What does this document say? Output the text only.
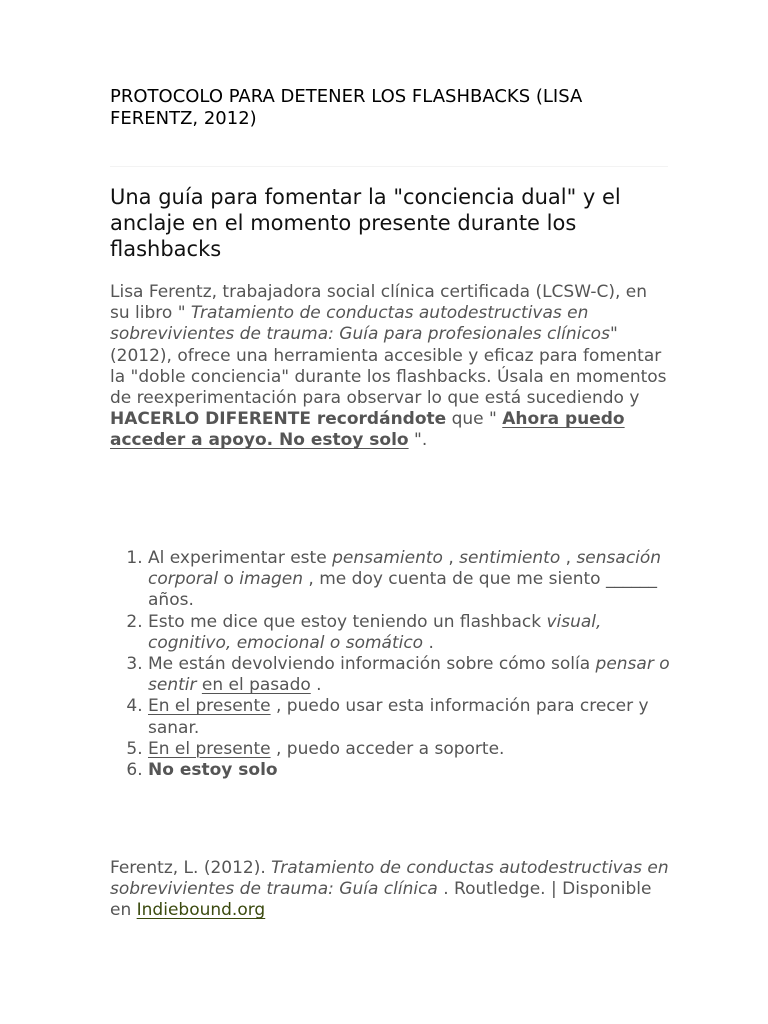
PROTOCOLO PARA DETENER LOS FLASHBACKS (LISA FERENTZ, 2012)
Una guía para fomentar la "conciencia dual" y el anclaje en el momento presente durante los flashbacks

Lisa Ferentz, trabajadora social clínica certificada (LCSW-C), en su libro " Tratamiento de conductas autodestructivas en sobrevivientes de trauma: Guía para profesionales clínicos" (2012), ofrece una herramienta accesible y eficaz para fomentar la "doble conciencia" durante los flashbacks. Úsala en momentos de reexperimentación para observar lo que está sucediendo y HACERLO DIFERENTE recordándote que " Ahora puedo acceder a apoyo. No estoy solo ".

1. Al experimentar este pensamiento , sentimiento , sensación corporal o imagen , me doy cuenta de que me siento ______ años.
2. Esto me dice que estoy teniendo un flashback visual, cognitivo, emocional o somático .
3. Me están devolviendo información sobre cómo solía pensar o sentir en el pasado .
4. En el presente , puedo usar esta información para crecer y sanar.
5. En el presente , puedo acceder a soporte.
6. No estoy solo

Ferentz, L. (2012). Tratamiento de conductas autodestructivas en sobrevivientes de trauma: Guía clínica . Routledge. | Disponible en Indiebound.org
